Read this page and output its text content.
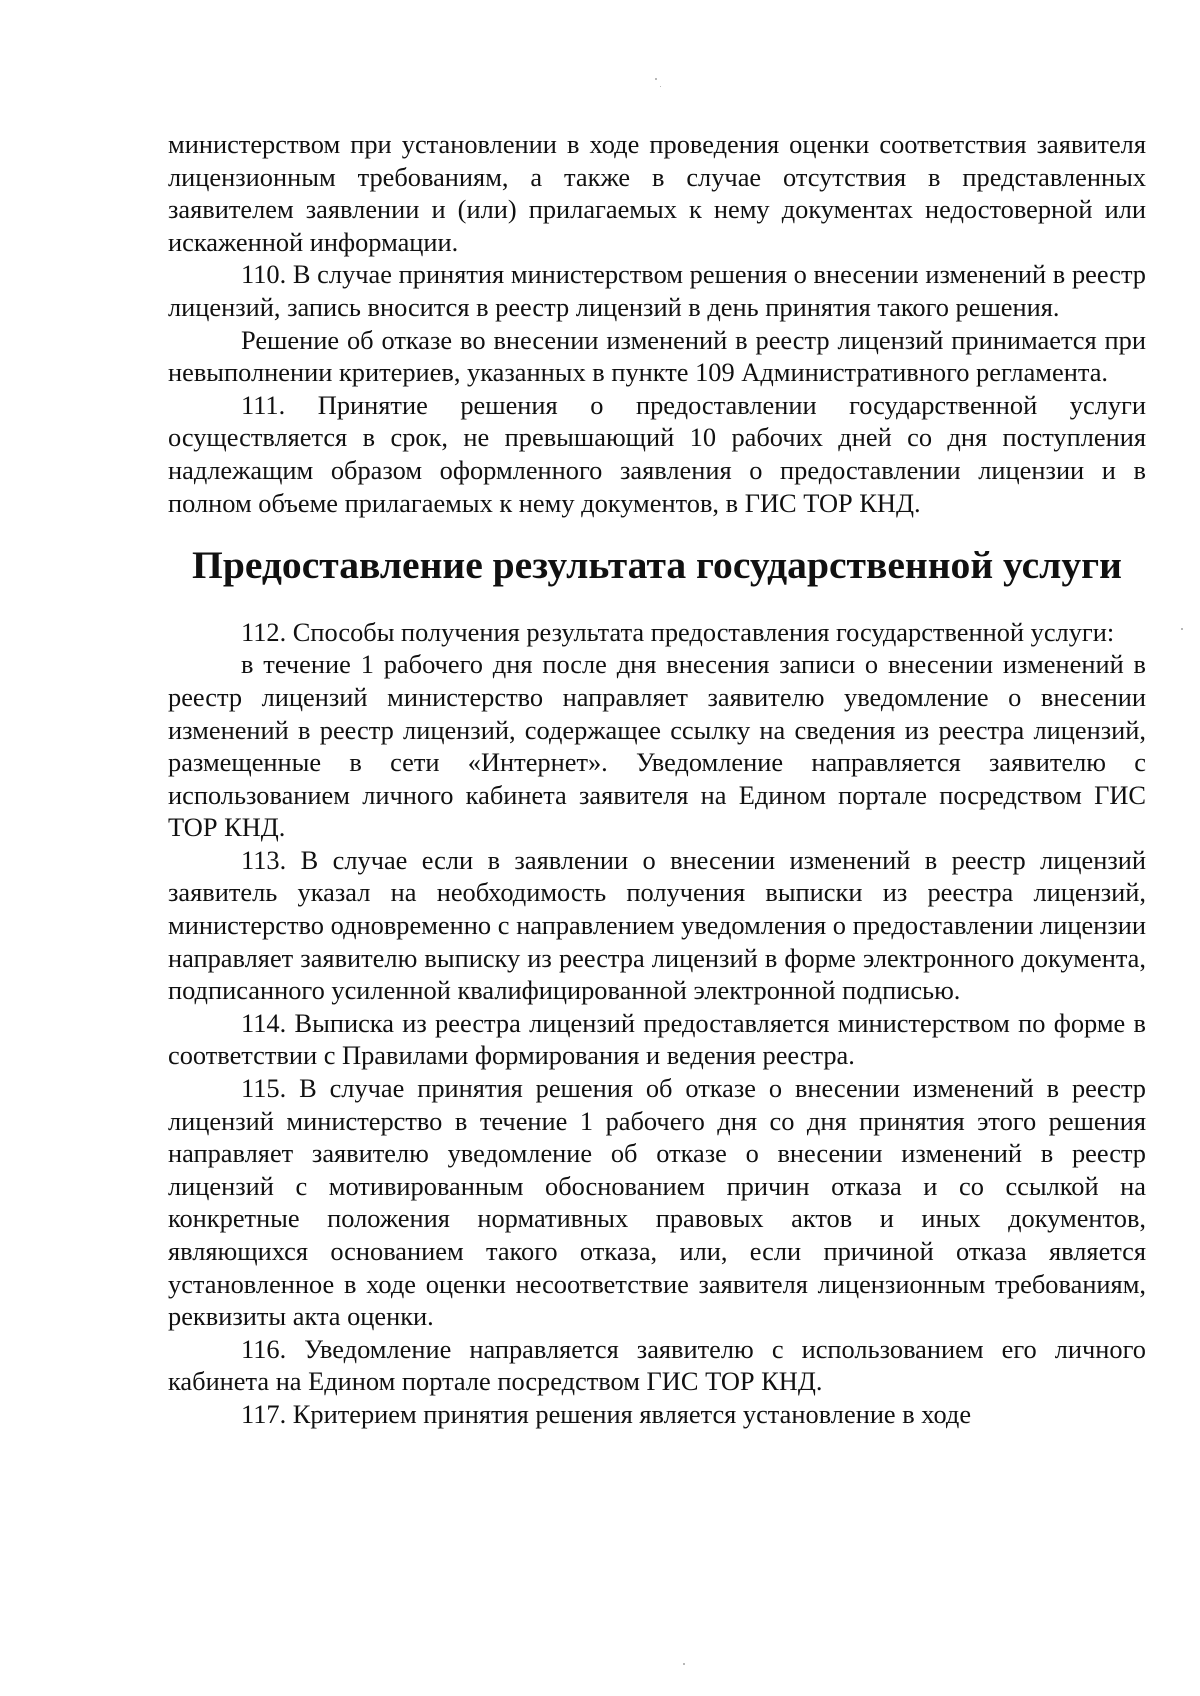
министерством при установлении в ходе проведения оценки соответствия заявителя лицензионным требованиям, а также в случае отсутствия в представленных заявителем заявлении и (или) прилагаемых к нему документах недостоверной или искаженной информации.

110. В случае принятия министерством решения о внесении изменений в реестр лицензий, запись вносится в реестр лицензий в день принятия такого решения.

Решение об отказе во внесении изменений в реестр лицензий принимается при невыполнении критериев, указанных в пункте 109 Административного регламента.

111. Принятие решения о предоставлении государственной услуги осуществляется в срок, не превышающий 10 рабочих дней со дня поступления надлежащим образом оформленного заявления о предоставлении лицензии и в полном объеме прилагаемых к нему документов, в ГИС ТОР КНД.

Предоставление результата государственной услуги

112. Способы получения результата предоставления государственной услуги:

в течение 1 рабочего дня после дня внесения записи о внесении изменений в реестр лицензий министерство направляет заявителю уведомление о внесении изменений в реестр лицензий, содержащее ссылку на сведения из реестра лицензий, размещенные в сети «Интернет». Уведомление направляется заявителю с использованием личного кабинета заявителя на Едином портале посредством ГИС ТОР КНД.

113. В случае если в заявлении о внесении изменений в реестр лицензий заявитель указал на необходимость получения выписки из реестра лицензий, министерство одновременно с направлением уведомления о предоставлении лицензии направляет заявителю выписку из реестра лицензий в форме электронного документа, подписанного усиленной квалифицированной электронной подписью.

114. Выписка из реестра лицензий предоставляется министерством по форме в соответствии с Правилами формирования и ведения реестра.

115. В случае принятия решения об отказе о внесении изменений в реестр лицензий министерство в течение 1 рабочего дня со дня принятия этого решения направляет заявителю уведомление об отказе о внесении изменений в реестр лицензий с мотивированным обоснованием причин отказа и со ссылкой на конкретные положения нормативных правовых актов и иных документов, являющихся основанием такого отказа, или, если причиной отказа является установленное в ходе оценки несоответствие заявителя лицензионным требованиям, реквизиты акта оценки.

116. Уведомление направляется заявителю с использованием его личного кабинета на Едином портале посредством ГИС ТОР КНД.

117. Критерием принятия решения является установление в ходе
